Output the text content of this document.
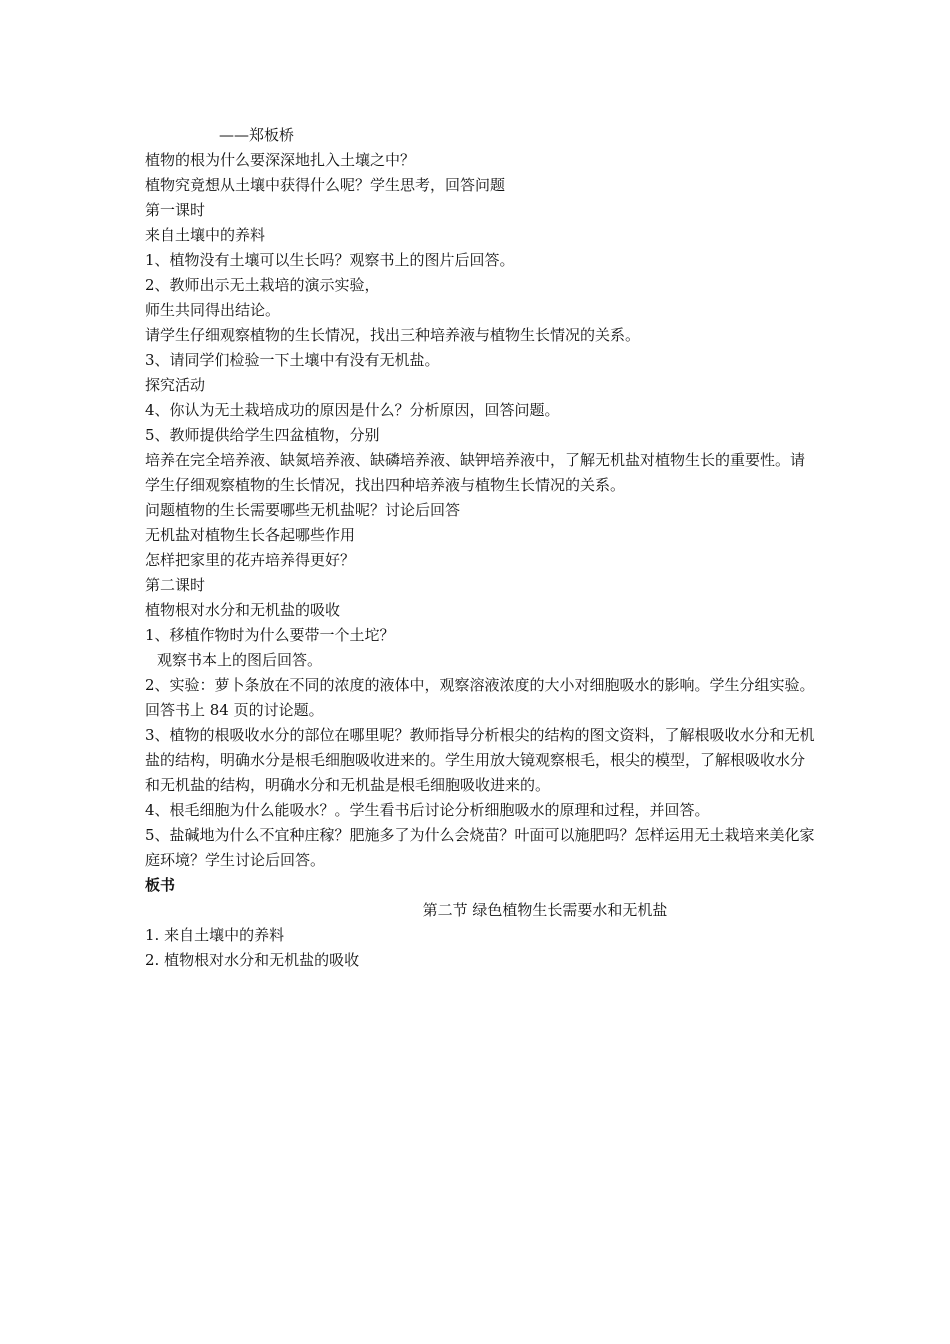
——郑板桥
植物的根为什么要深深地扎入土壤之中？
植物究竟想从土壤中获得什么呢？学生思考，回答问题
第一课时
来自土壤中的养料
1、植物没有土壤可以生长吗？观察书上的图片后回答。
2、教师出示无土栽培的演示实验，
师生共同得出结论。
请学生仔细观察植物的生长情况，找出三种培养液与植物生长情况的关系。
3、请同学们检验一下土壤中有没有无机盐。
探究活动
4、你认为无土栽培成功的原因是什么？分析原因，回答问题。
5、教师提供给学生四盆植物，分别
培养在完全培养液、缺氮培养液、缺磷培养液、缺钾培养液中，了解无机盐对植物生长的重要性。请学生仔细观察植物的生长情况，找出四种培养液与植物生长情况的关系。
问题植物的生长需要哪些无机盐呢？讨论后回答
无机盐对植物生长各起哪些作用
怎样把家里的花卉培养得更好？
第二课时
植物根对水分和无机盐的吸收
1、移植作物时为什么要带一个土坨？
观察书本上的图后回答。
2、实验：萝卜条放在不同的浓度的液体中，观察溶液浓度的大小对细胞吸水的影响。学生分组实验。
回答书上 84 页的讨论题。
3、植物的根吸收水分的部位在哪里呢？教师指导分析根尖的结构的图文资料，了解根吸收水分和无机盐的结构，明确水分是根毛细胞吸收进来的。学生用放大镜观察根毛，根尖的模型，了解根吸收水分和无机盐的结构，明确水分和无机盐是根毛细胞吸收进来的。
4、根毛细胞为什么能吸水？。学生看书后讨论分析细胞吸水的原理和过程，并回答。
5、盐碱地为什么不宜种庄稼？肥施多了为什么会烧苗？叶面可以施肥吗？怎样运用无土栽培来美化家庭环境？学生讨论后回答。
板书
第二节 绿色植物生长需要水和无机盐
1. 来自土壤中的养料
2. 植物根对水分和无机盐的吸收
